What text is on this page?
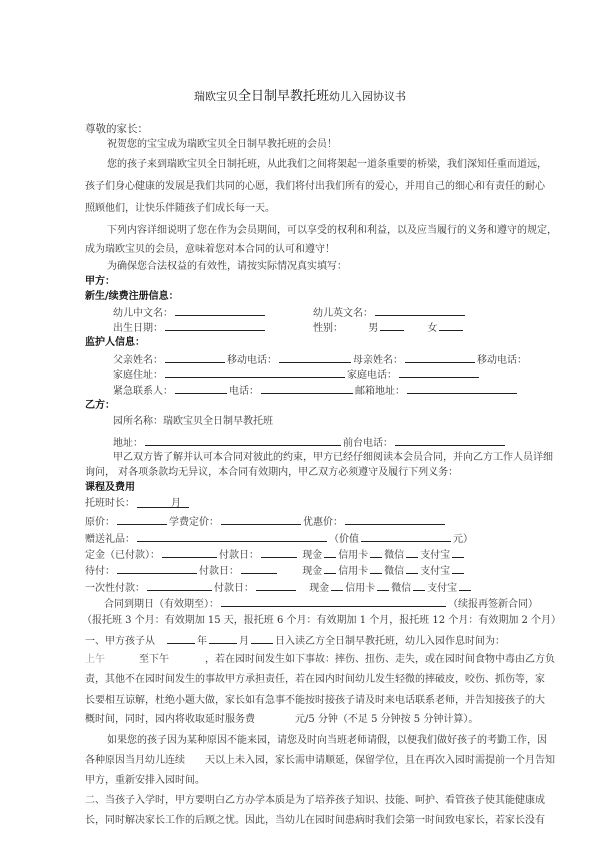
瑞欧宝贝全日制早教托班幼儿入园协议书
尊敬的家长：
祝贺您的宝宝成为瑞欧宝贝全日制早教托班的会员！
您的孩子来到瑞欧宝贝全日制托班，从此我们之间将架起一道条重要的桥梁，我们深知任重而道远，
孩子们身心健康的发展是我们共同的心愿，我们将付出我们所有的爱心，并用自己的细心和有责任的耐心
照顾他们，让快乐伴随孩子们成长每一天。
下列内容详细说明了您在作为会员期间，可以享受的权利和利益，以及应当履行的义务和遵守的规定，
成为瑞欧宝贝的会员，意味着您对本合同的认可和遵守！
为确保您合法权益的有效性，请按实际情况真实填写：
甲方：
新生/续费注册信息：
幼儿中文名：	幼儿英文名：
出生日期：	性别：	男	女
监护人信息：
父亲姓名：	移动电话：	母亲姓名：	移动电话：
家庭住址：	家庭电话：
紧急联系人：	电话：	邮箱地址：
乙方：
园所名称：瑞欧宝贝全日制早教托班
地址：	前台电话：
甲乙双方皆了解并认可本合同对彼此的约束，甲方已经仔细阅读本会员合同，并向乙方工作人员详细
询问， 对各项条款均无异议，本合同有效期内，甲乙双方必须遵守及履行下列义务：
课程及费用
托班时长：	月
原价：	学费定价：	优惠价：
赠送礼品：	（价值	元）
定金（已付款）：	付款日：	现金 信用卡 微信 支付宝
待付：	付款日：	现金 信用卡 微信 支付宝
一次性付款：	付款日：	现金 信用卡 微信 支付宝
合同到期日（有效期至）：	（续报再签新合同）
（报托班 3 个月：有效期加 15 天，报托班 6 个月：有效期加 1 个月，报托班 12 个月：有效期加 2 个月）
一、甲方孩子从	年	月	日入读乙方全日制早教托班，幼儿入园作息时间为：
上午	至下午	，若在园时间发生如下事故：摔伤、扭伤、走失，或在园时间食物中毒由乙方负
责，其他不在园时间发生的事故甲方承担责任，若在园内时间幼儿发生轻微的摔破皮，咬伤、抓伤等，家
长要相互谅解，杜绝小题大做，家长如有急事不能按时接孩子请及时来电话联系老师，并告知接孩子的大
概时间，同时，园内将收取延时服务费	元/5 分钟（不足 5 分钟按 5 分钟计算）。
如果您的孩子因为某种原因不能来园，请您及时向当班老师请假，以便我们做好孩子的考勤工作，因
各种原因当月幼儿连续 天以上未入园，家长需申请顺延，保留学位，且在再次入园时需提前一个月告知
甲方，重新安排入园时间。
二、当孩子入学时，甲方要明白乙方办学本质是为了培养孩子知识、技能、呵护、看管孩子使其能健康成
长，同时解决家长工作的后顾之忧。因此，当幼儿在园时间患病时我们会第一时间致电家长，若家长没有
